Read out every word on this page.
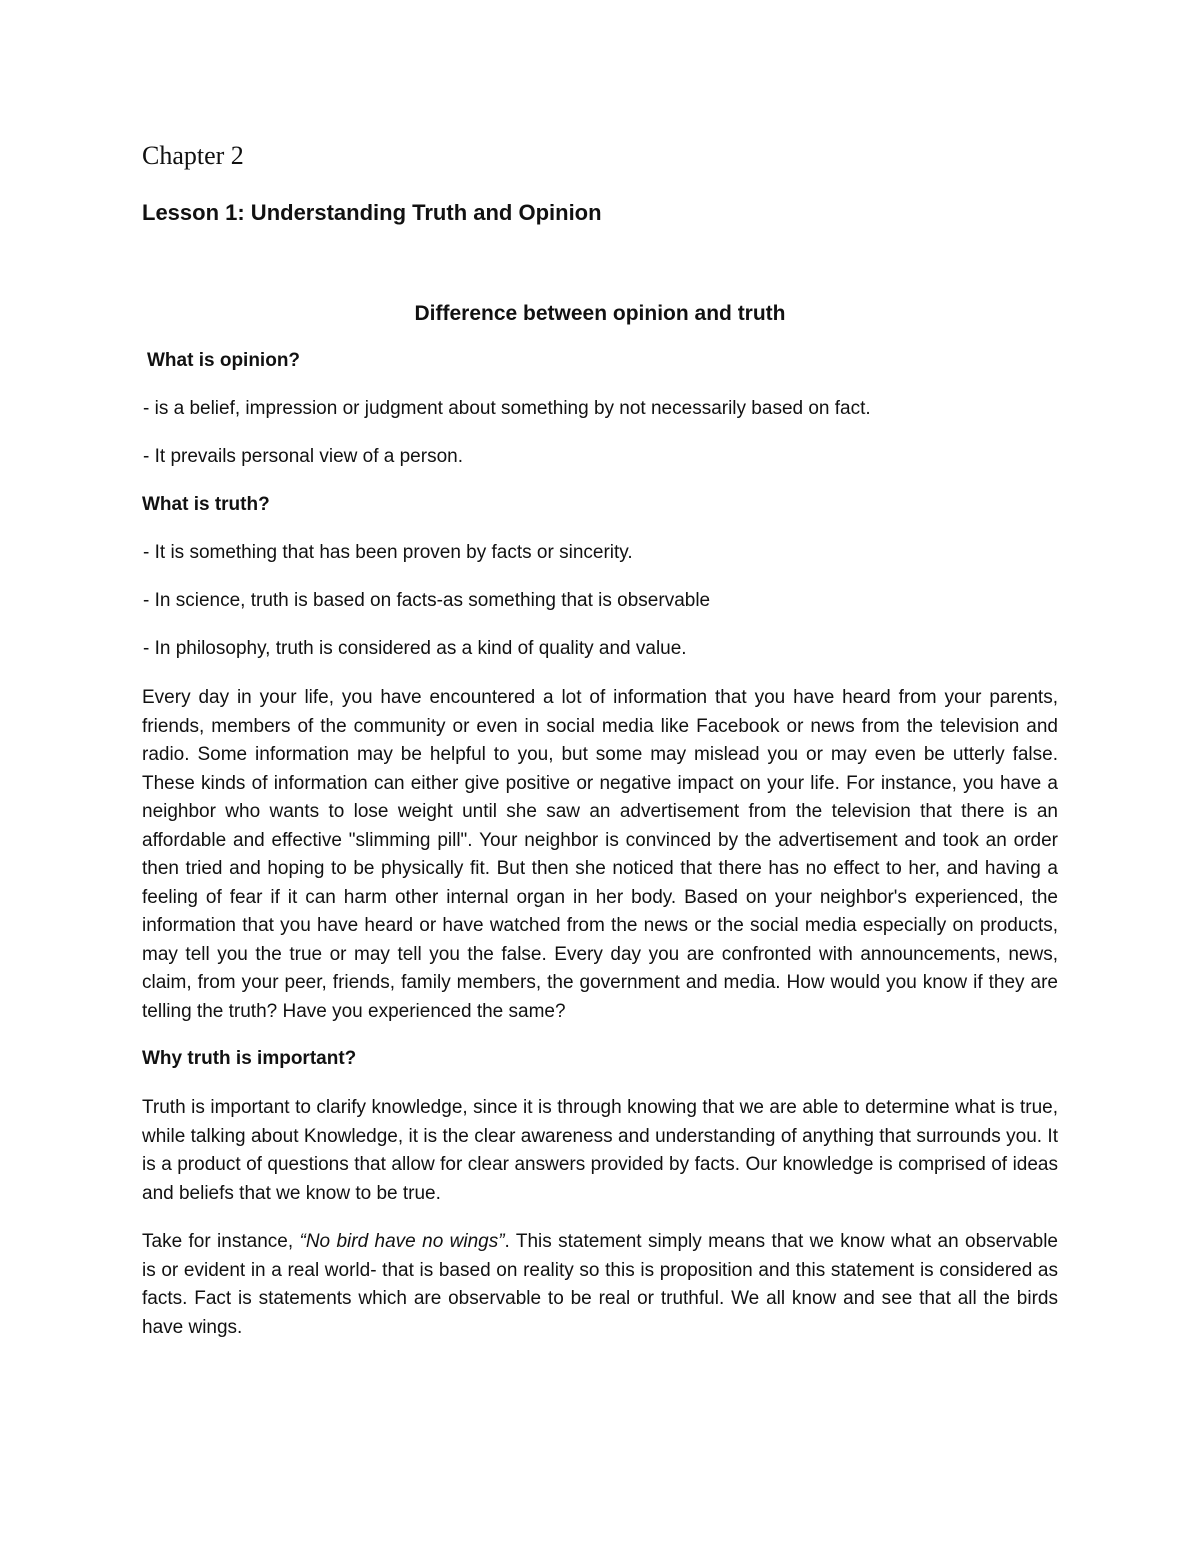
Chapter 2
Lesson 1: Understanding Truth and Opinion
Difference between opinion and truth
What is opinion?
- is a belief, impression or judgment about something by not necessarily based on fact.
- It prevails personal view of a person.
What is truth?
- It is something that has been proven by facts or sincerity.
- In science, truth is based on facts-as something that is observable
- In philosophy, truth is considered as a kind of quality and value.

Every day in your life, you have encountered a lot of information that you have heard from your parents, friends, members of the community or even in social media like Facebook or news from the television and radio. Some information may be helpful to you, but some may mislead you or may even be utterly false. These kinds of information can either give positive or negative impact on your life. For instance, you have a neighbor who wants to lose weight until she saw an advertisement from the television that there is an affordable and effective "slimming pill". Your neighbor is convinced by the advertisement and took an order then tried and hoping to be physically fit. But then she noticed that there has no effect to her, and having a feeling of fear if it can harm other internal organ in her body. Based on your neighbor's experienced, the information that you have heard or have watched from the news or the social media especially on products, may tell you the true or may tell you the false. Every day you are confronted with announcements, news, claim, from your peer, friends, family members, the government and media. How would you know if they are telling the truth? Have you experienced the same?

Why truth is important?

Truth is important to clarify knowledge, since it is through knowing that we are able to determine what is true, while talking about Knowledge, it is the clear awareness and understanding of anything that surrounds you. It is a product of questions that allow for clear answers provided by facts. Our knowledge is comprised of ideas and beliefs that we know to be true.

Take for instance, “No bird have no wings”. This statement simply means that we know what an observable is or evident in a real world- that is based on reality so this is proposition and this statement is considered as facts. Fact is statements which are observable to be real or truthful. We all know and see that all the birds have wings.
